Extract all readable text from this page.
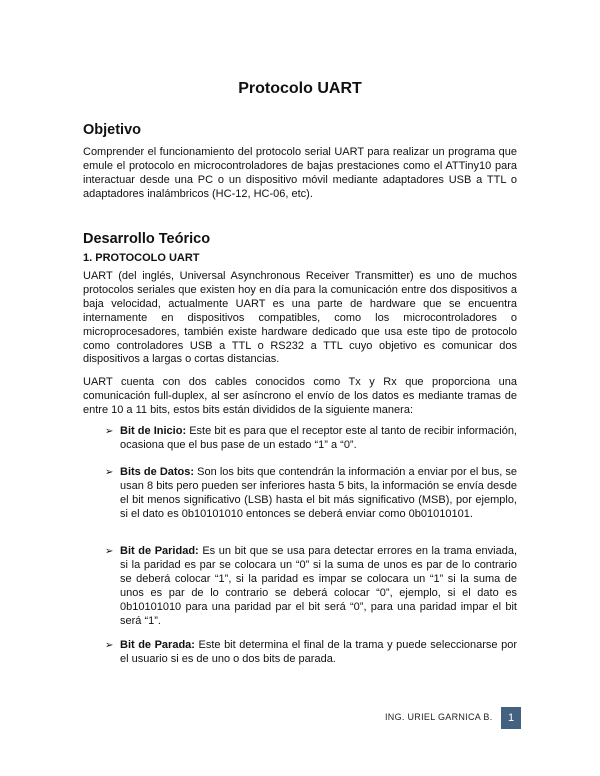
Protocolo UART
Objetivo
Comprender el funcionamiento del protocolo serial UART para realizar un programa que emule el protocolo en microcontroladores de bajas prestaciones como el ATTiny10 para interactuar desde una PC o un dispositivo móvil mediante adaptadores USB a TTL o adaptadores inalámbricos (HC-12, HC-06, etc).
Desarrollo Teórico
1. PROTOCOLO UART
UART (del inglés, Universal Asynchronous Receiver Transmitter) es uno de muchos protocolos seriales que existen hoy en día para la comunicación entre dos dispositivos a baja velocidad, actualmente UART es una parte de hardware que se encuentra internamente en dispositivos compatibles, como los microcontroladores o microprocesadores, también existe hardware dedicado que usa este tipo de protocolo como controladores USB a TTL o RS232 a TTL cuyo objetivo es comunicar dos dispositivos a largas o cortas distancias.
UART cuenta con dos cables conocidos como Tx y Rx que proporciona una comunicación full-duplex, al ser asíncrono el envío de los datos es mediante tramas de entre 10 a 11 bits, estos bits están divididos de la siguiente manera:
➢ Bit de Inicio: Este bit es para que el receptor este al tanto de recibir información, ocasiona que el bus pase de un estado “1” a “0”.
➢ Bits de Datos: Son los bits que contendrán la información a enviar por el bus, se usan 8 bits pero pueden ser inferiores hasta 5 bits, la información se envía desde el bit menos significativo (LSB) hasta el bit más significativo (MSB), por ejemplo, si el dato es 0b10101010 entonces se deberá enviar como 0b01010101.
➢ Bit de Paridad: Es un bit que se usa para detectar errores en la trama enviada, si la paridad es par se colocara un “0” si la suma de unos es par de lo contrario se deberá colocar “1”, si la paridad es impar se colocara un “1” si la suma de unos es par de lo contrario se deberá colocar “0”, ejemplo, si el dato es 0b10101010 para una paridad par el bit será “0”, para una paridad impar el bit será “1”.
➢ Bit de Parada: Este bit determina el final de la trama y puede seleccionarse por el usuario si es de uno o dos bits de parada.
ING. URIEL GARNICA B.	1
